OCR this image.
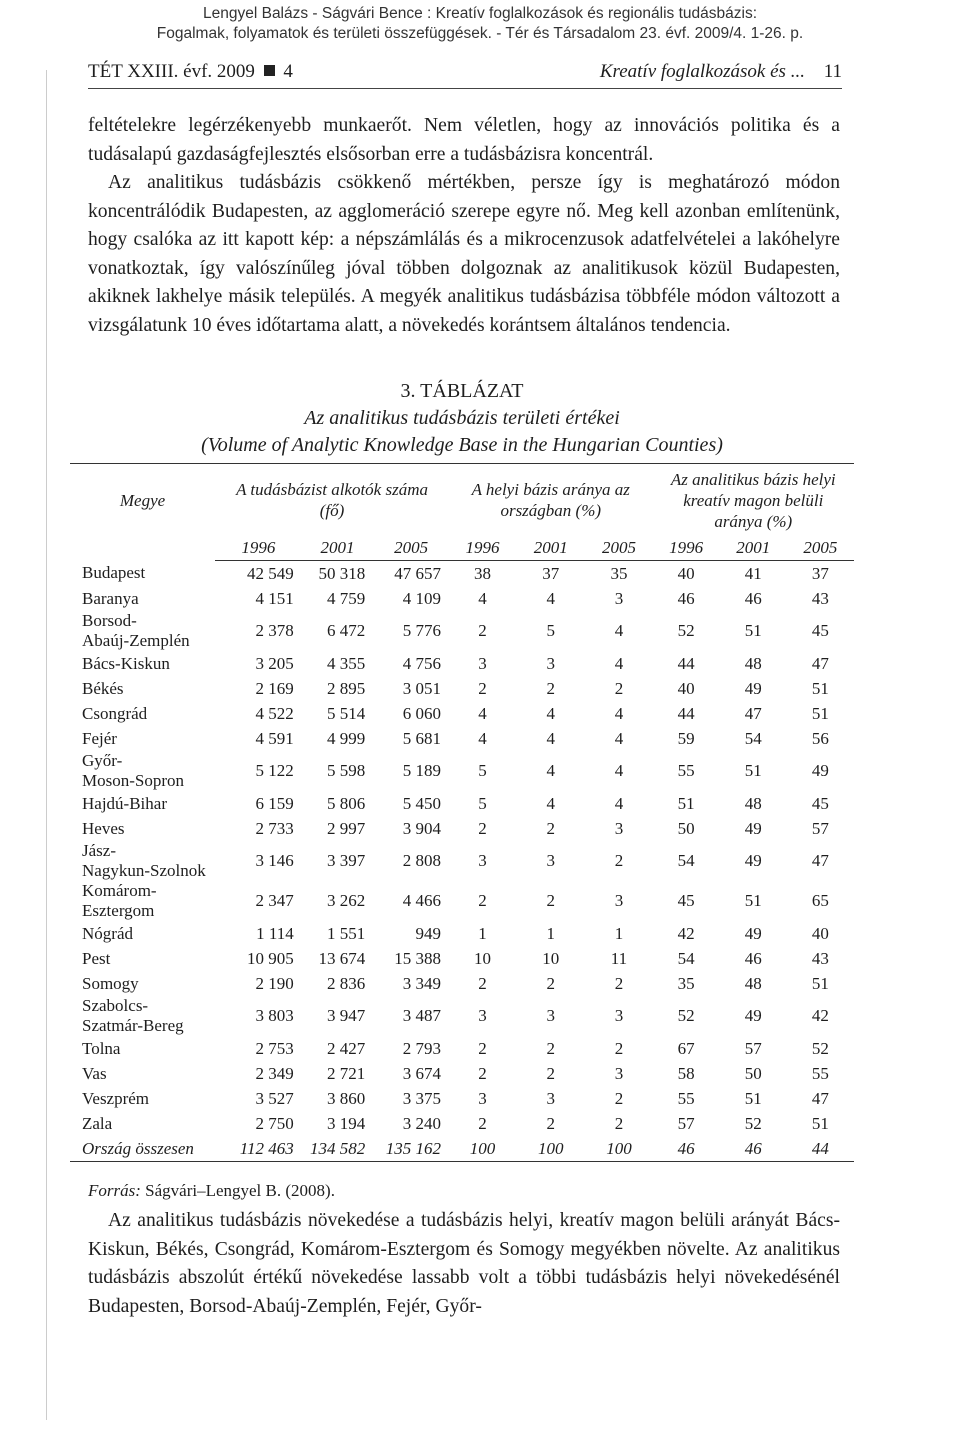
Lengyel Balázs - Ságvári Bence : Kreatív foglalkozások és regionális tudásbázis:
Fogalmak, folyamatok és területi összefüggések. - Tér és Társadalom 23. évf. 2009/4. 1-26. p.
TÉT XXIII. évf. 2009 4	Kreatív foglalkozások és ... 11

feltételekre legérzékenyebb munkaerőt. Nem véletlen, hogy az innovációs politika és a tudásalapú gazdaságfejlesztés elsősorban erre a tudásbázisra koncentrál.

Az analitikus tudásbázis csökkenő mértékben, persze így is meghatározó módon koncentrálódik Budapesten, az agglomeráció szerepe egyre nő. Meg kell azonban említenünk, hogy csalóka az itt kapott kép: a népszámlálás és a mikrocenzusok adatfelvételei a lakóhelyre vonatkoztak, így valószínűleg jóval többen dolgoznak az analitikusok közül Budapesten, akiknek lakhelye másik település. A megyék analitikus tudásbázisa többféle módon változott a vizsgálatunk 10 éves időtartama alatt, a növekedés korántsem általános tendencia.

3. TÁBLÁZAT
Az analitikus tudásbázis területi értékei
(Volume of Analytic Knowledge Base in the Hungarian Counties)
Megye	A tudásbázist alkotók száma (fő)			A helyi bázis aránya az országban (%)			Az analitikus bázis helyi kreatív magon belüli aránya (%)		
	1996	2001	2005	1996	2001	2005	1996	2001	2005
Budapest	42 549	50 318	47 657	38	37	35	40	41	37
Baranya	4 151	4 759	4 109	4	4	3	46	46	43
Borsod-
Abaúj-Zemplén	2 378	6 472	5 776	2	5	4	52	51	45
Bács-Kiskun	3 205	4 355	4 756	3	3	4	44	48	47
Békés	2 169	2 895	3 051	2	2	2	40	49	51
Csongrád	4 522	5 514	6 060	4	4	4	44	47	51
Fejér	4 591	4 999	5 681	4	4	4	59	54	56
Győr-
Moson-Sopron	5 122	5 598	5 189	5	4	4	55	51	49
Hajdú-Bihar	6 159	5 806	5 450	5	4	4	51	48	45
Heves	2 733	2 997	3 904	2	2	3	50	49	57
Jász-
Nagykun-Szolnok	3 146	3 397	2 808	3	3	2	54	49	47
Komárom-
Esztergom	2 347	3 262	4 466	2	2	3	45	51	65
Nógrád	1 114	1 551	949	1	1	1	42	49	40
Pest	10 905	13 674	15 388	10	10	11	54	46	43
Somogy	2 190	2 836	3 349	2	2	2	35	48	51
Szabolcs-
Szatmár-Bereg	3 803	3 947	3 487	3	3	3	52	49	42
Tolna	2 753	2 427	2 793	2	2	2	67	57	52
Vas	2 349	2 721	3 674	2	2	3	58	50	55
Veszprém	3 527	3 860	3 375	3	3	2	55	51	47
Zala	2 750	3 194	3 240	2	2	2	57	52	51
Ország összesen	112 463	134 582	135 162	100	100	100	46	46	44
Forrás: Ságvári–Lengyel B. (2008).

Az analitikus tudásbázis növekedése a tudásbázis helyi, kreatív magon belüli arányát Bács-Kiskun, Békés, Csongrád, Komárom-Esztergom és Somogy megyékben növelte. Az analitikus tudásbázis abszolút értékű növekedése lassabb volt a többi tudásbázis helyi növekedésénél Budapesten, Borsod-Abaúj-Zemplén, Fejér, Győr-
